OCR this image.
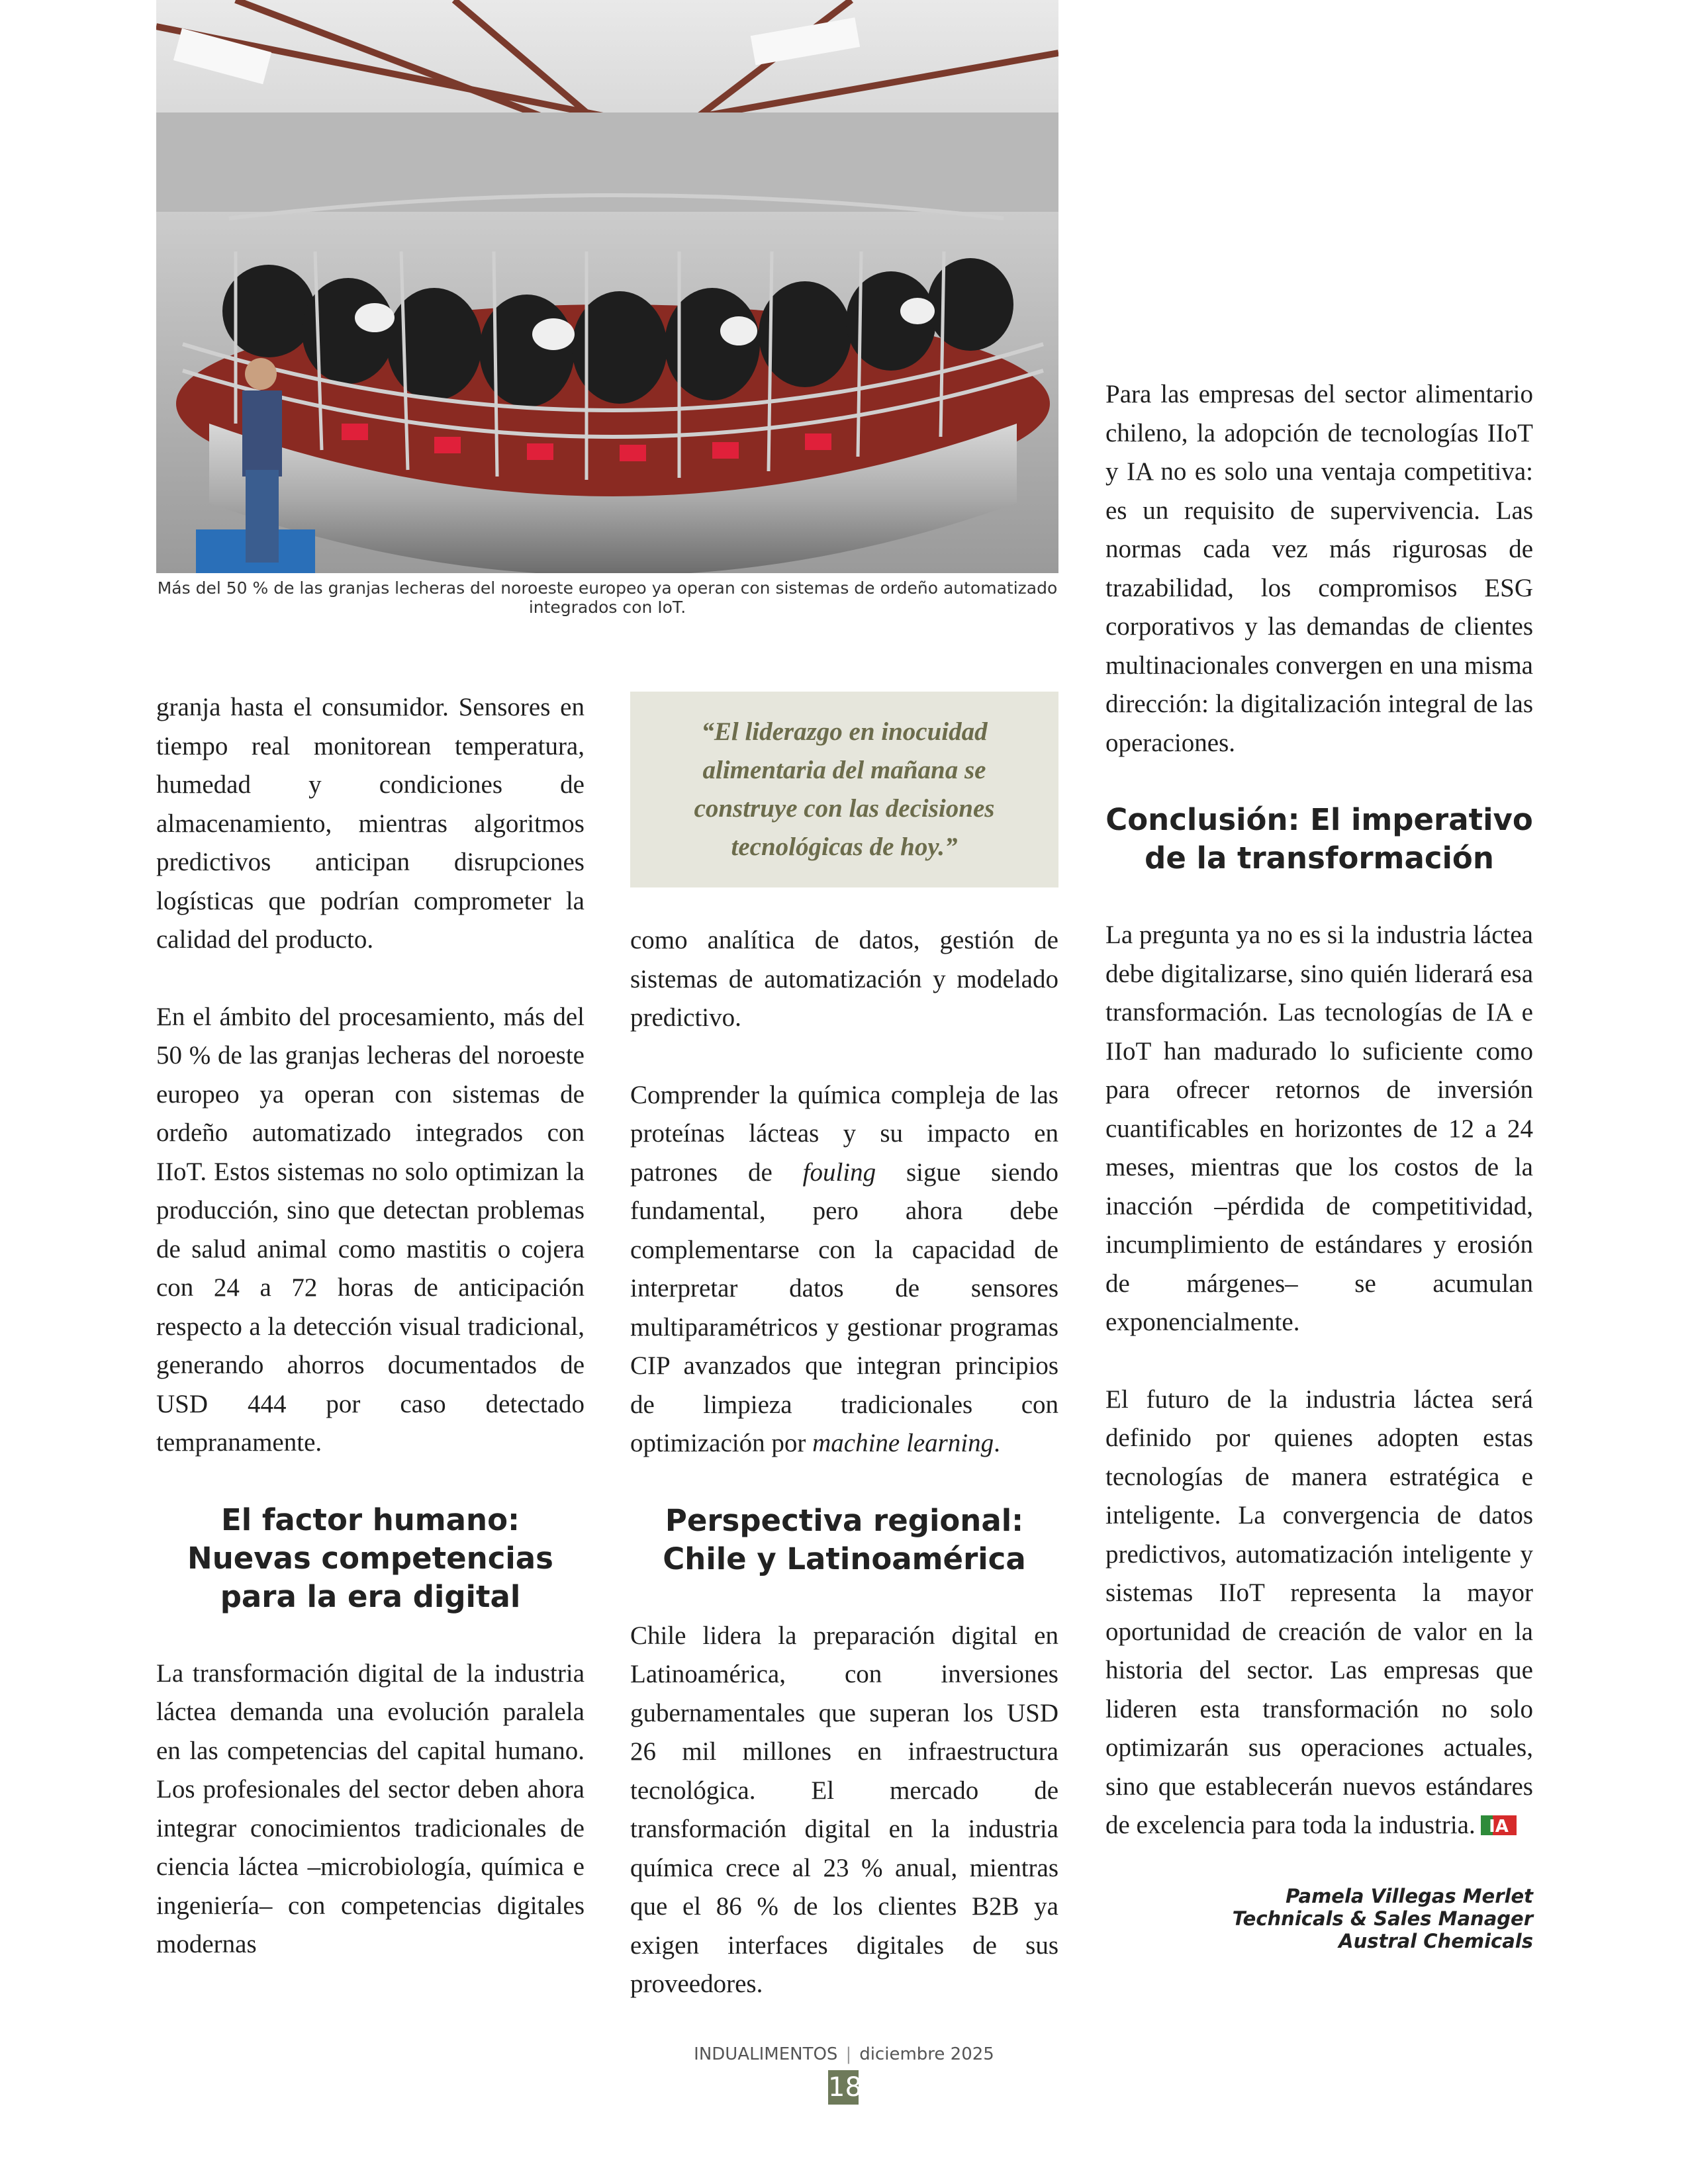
Más del 50 % de las granjas lecheras del noroeste europeo ya operan con sistemas de ordeño automatizado integrados con IoT.

granja hasta el consumidor. Sensores en tiempo real monitorean temperatura, humedad y condiciones de almacenamiento, mientras algoritmos predictivos anticipan disrupciones logísticas que podrían comprometer la calidad del producto.

En el ámbito del procesamiento, más del 50 % de las granjas lecheras del noroeste europeo ya operan con sistemas de ordeño automatizado integrados con IIoT. Estos sistemas no solo optimizan la producción, sino que detectan problemas de salud animal como mastitis o cojera con 24 a 72 horas de anticipación respecto a la detección visual tradicional, generando ahorros documentados de USD 444 por caso detectado tempranamente.

El factor humano: Nuevas competencias para la era digital

La transformación digital de la industria láctea demanda una evolución paralela en las competencias del capital humano. Los profesionales del sector deben ahora integrar conocimientos tradicionales de ciencia láctea –microbiología, química e ingeniería– con competencias digitales modernas

“El liderazgo en inocuidad alimentaria del mañana se construye con las decisiones tecnológicas de hoy.”

como analítica de datos, gestión de sistemas de automatización y modelado predictivo.

Comprender la química compleja de las proteínas lácteas y su impacto en patrones de fouling sigue siendo fundamental, pero ahora debe complementarse con la capacidad de interpretar datos de sensores multiparamétricos y gestionar programas CIP avanzados que integran principios de limpieza tradicionales con optimización por machine learning.

Perspectiva regional: Chile y Latinoamérica

Chile lidera la preparación digital en Latinoamérica, con inversiones gubernamentales que superan los USD 26 mil millones en infraestructura tecnológica. El mercado de transformación digital en la industria química crece al 23 % anual, mientras que el 86 % de los clientes B2B ya exigen interfaces digitales de sus proveedores.

Para las empresas del sector alimentario chileno, la adopción de tecnologías IIoT y IA no es solo una ventaja competitiva: es un requisito de supervivencia. Las normas cada vez más rigurosas de trazabilidad, los compromisos ESG corporativos y las demandas de clientes multinacionales convergen en una misma dirección: la digitalización integral de las operaciones.

Conclusión: El imperativo de la transformación

La pregunta ya no es si la industria láctea debe digitalizarse, sino quién liderará esa transformación. Las tecnologías de IA e IIoT han madurado lo suficiente como para ofrecer retornos de inversión cuantificables en horizontes de 12 a 24 meses, mientras que los costos de la inacción –pérdida de competitividad, incumplimiento de estándares y erosión de márgenes– se acumulan exponencialmente.

El futuro de la industria láctea será definido por quienes adopten estas tecnologías de manera estratégica e inteligente. La convergencia de datos predictivos, automatización inteligente y sistemas IIoT representa la mayor oportunidad de creación de valor en la historia del sector. Las empresas que lideren esta transformación no solo optimizarán sus operaciones actuales, sino que establecerán nuevos estándares de excelencia para toda la industria. IA

Pamela Villegas Merlet
Technicals & Sales Manager
Austral Chemicals
INDUALIMENTOS | diciembre 2025
18
